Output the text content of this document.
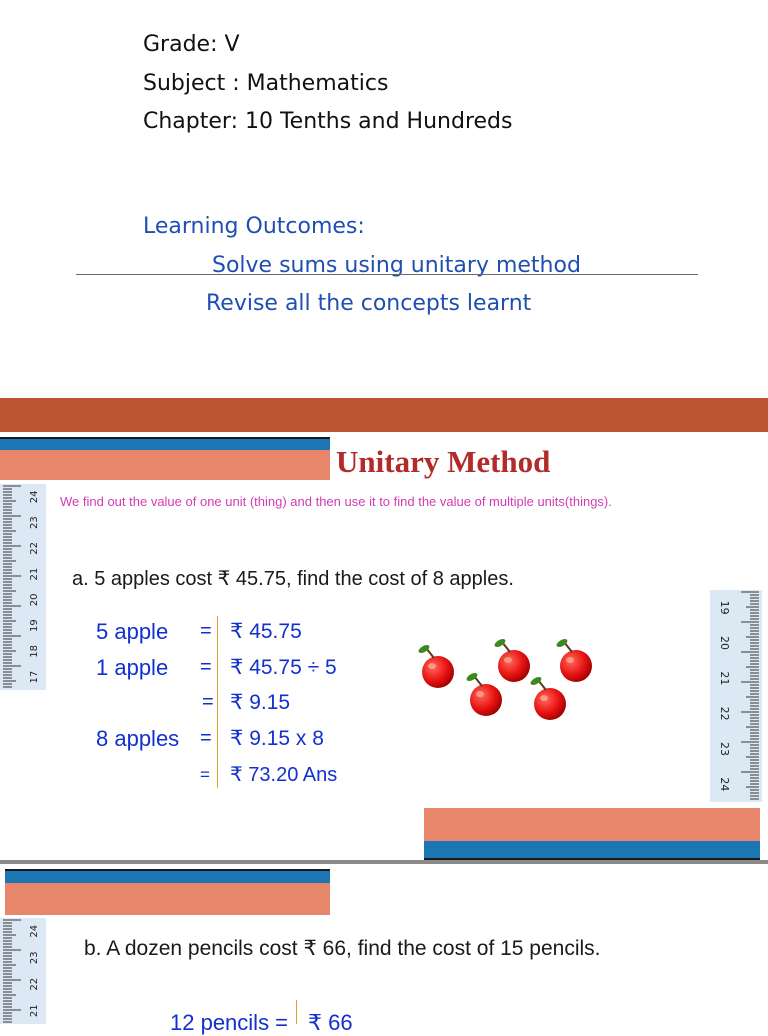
Grade: V
Subject : Mathematics
Chapter: 10 Tenths and Hundreds
Learning Outcomes:
Solve sums using unitary method
Revise all the concepts learnt
Unitary Method
We find out the value of one unit (thing) and then use it to find the value of multiple units(things).
17
18
19
20
21
22
23
24
a. 5 apples cost ₹ 45.75, find the cost of 8 apples.
5 apple = ₹ 45.75
1 apple = ₹ 45.75 ÷ 5
= ₹ 9.15
8 apples = ₹ 9.15 x 8
= ₹ 73.20 Ans
19
20
21
22
23
24
21
22
23
24
b. A dozen pencils cost ₹ 66, find the cost of 15 pencils.
12 pencils = ₹ 66
